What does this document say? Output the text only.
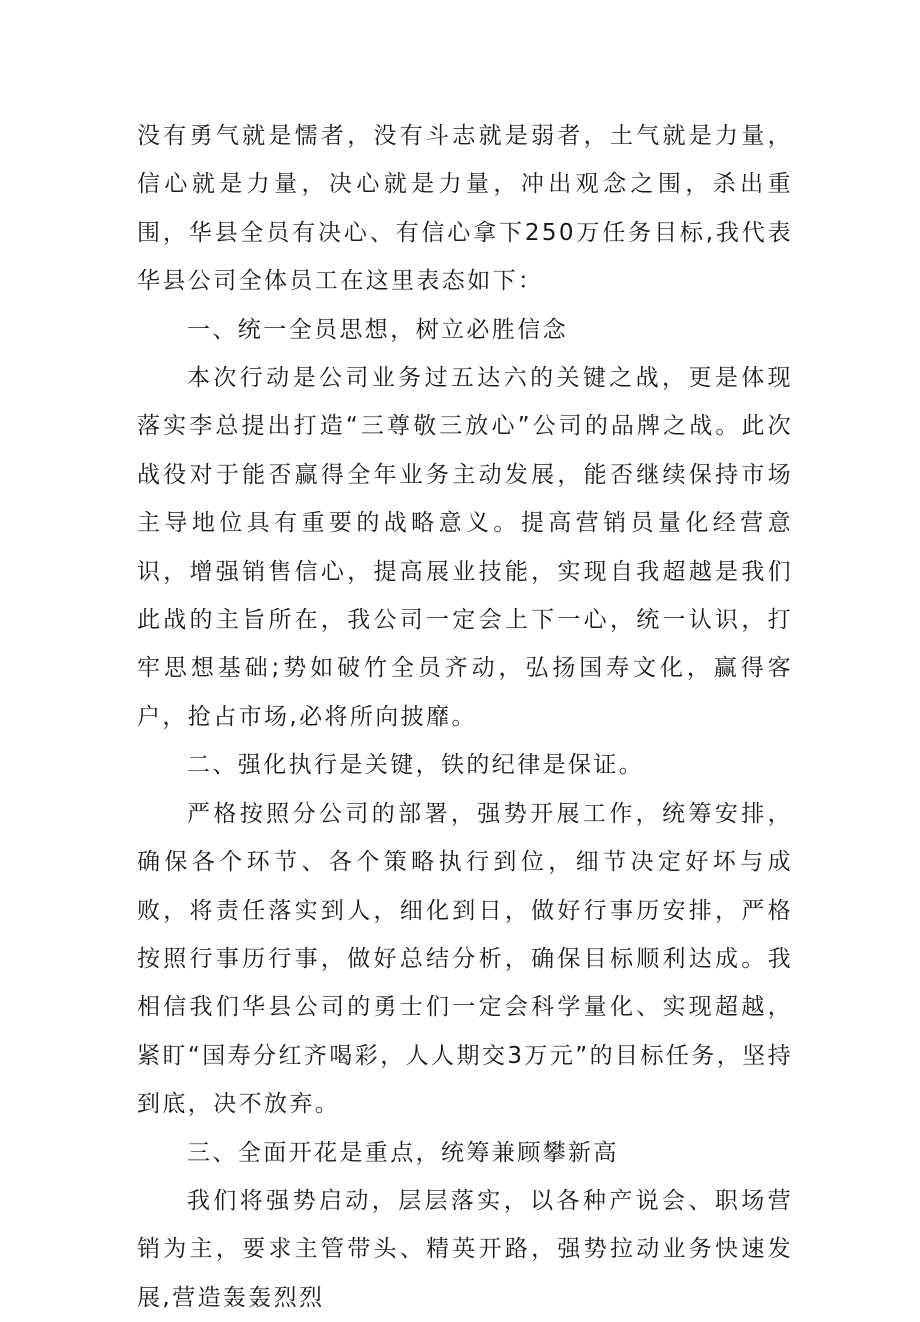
没有勇气就是懦者，没有斗志就是弱者，土气就是力量，信心就是力量，决心就是力量，冲出观念之围，杀出重围，华县全员有决心、有信心拿下250万任务目标,我代表华县公司全体员工在这里表态如下：

一、统一全员思想，树立必胜信念

本次行动是公司业务过五达六的关键之战，更是体现落实李总提出打造“三尊敬三放心”公司的品牌之战。此次战役对于能否赢得全年业务主动发展，能否继续保持市场主导地位具有重要的战略意义。提高营销员量化经营意识，增强销售信心，提高展业技能，实现自我超越是我们此战的主旨所在，我公司一定会上下一心，统一认识，打牢思想基础;势如破竹全员齐动，弘扬国寿文化，赢得客户，抢占市场,必将所向披靡。

二、强化执行是关键，铁的纪律是保证。

严格按照分公司的部署，强势开展工作，统筹安排，确保各个环节、各个策略执行到位，细节决定好坏与成败，将责任落实到人，细化到日，做好行事历安排，严格按照行事历行事，做好总结分析，确保目标顺利达成。我相信我们华县公司的勇士们一定会科学量化、实现超越，紧盯“国寿分红齐喝彩，人人期交3万元”的目标任务，坚持到底，决不放弃。

三、全面开花是重点，统筹兼顾攀新高

我们将强势启动，层层落实，以各种产说会、职场营销为主，要求主管带头、精英开路，强势拉动业务快速发展,营造轰轰烈烈
